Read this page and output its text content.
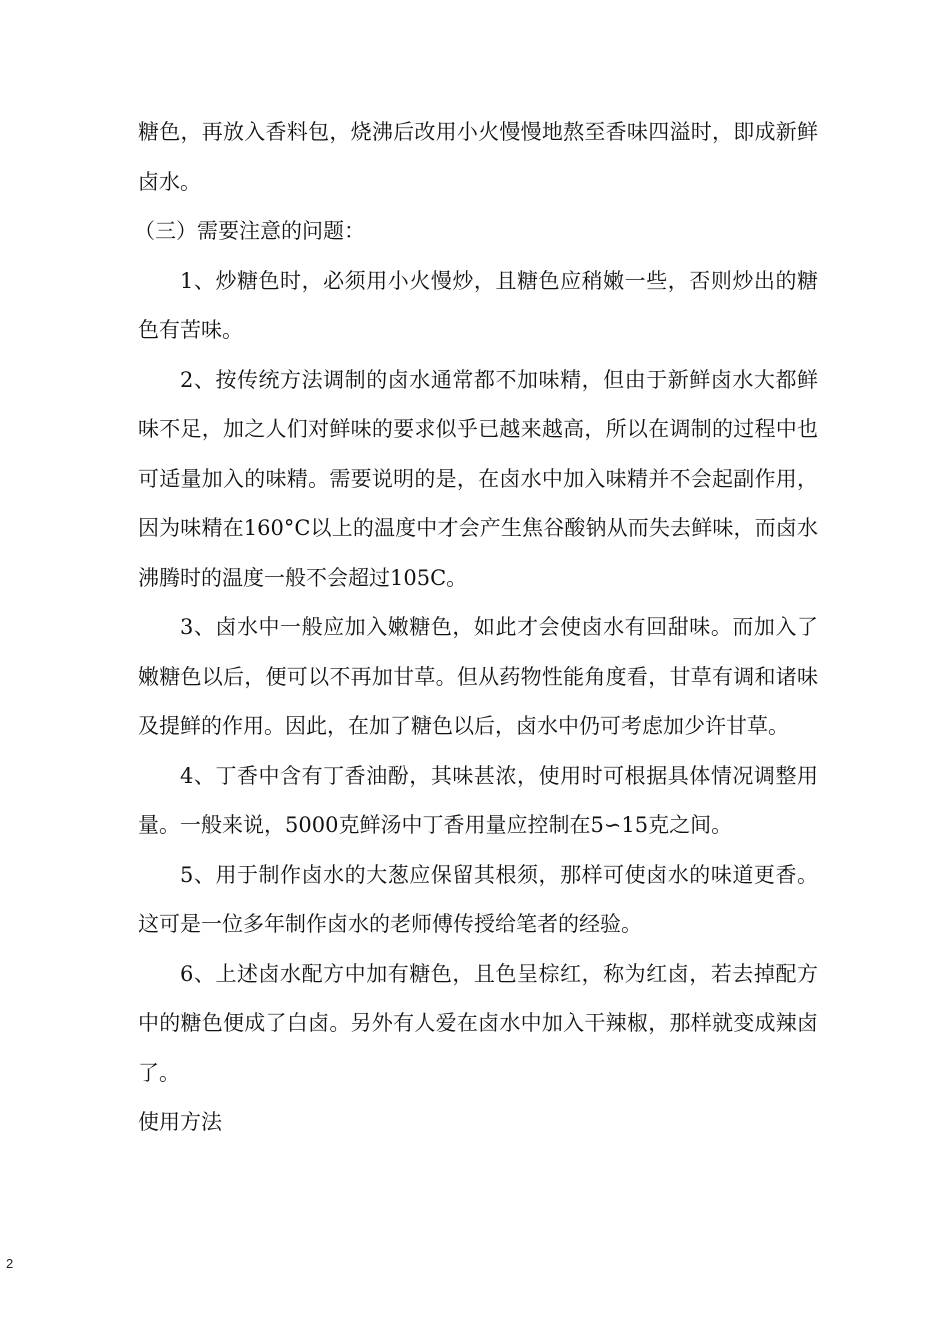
糖色，再放入香料包，烧沸后改用小火慢慢地熬至香味四溢时，即成新鲜卤水。

（三）需要注意的问题：

1、炒糖色时，必须用小火慢炒，且糖色应稍嫩一些，否则炒出的糖色有苦味。

2、按传统方法调制的卤水通常都不加味精，但由于新鲜卤水大都鲜味不足，加之人们对鲜味的要求似乎已越来越高，所以在调制的过程中也可适量加入的味精。需要说明的是，在卤水中加入味精并不会起副作用，因为味精在160°C以上的温度中才会产生焦谷酸钠从而失去鲜味，而卤水沸腾时的温度一般不会超过105C。

3、卤水中一般应加入嫩糖色，如此才会使卤水有回甜味。而加入了嫩糖色以后，便可以不再加甘草。但从药物性能角度看，甘草有调和诸味及提鲜的作用。因此，在加了糖色以后，卤水中仍可考虑加少许甘草。

4、丁香中含有丁香油酚，其味甚浓，使用时可根据具体情况调整用量。一般来说，5000克鲜汤中丁香用量应控制在5∽15克之间。

5、用于制作卤水的大葱应保留其根须，那样可使卤水的味道更香。这可是一位多年制作卤水的老师傅传授给笔者的经验。

6、上述卤水配方中加有糖色，且色呈棕红，称为红卤，若去掉配方中的糖色便成了白卤。另外有人爱在卤水中加入干辣椒，那样就变成辣卤了。

使用方法

2
